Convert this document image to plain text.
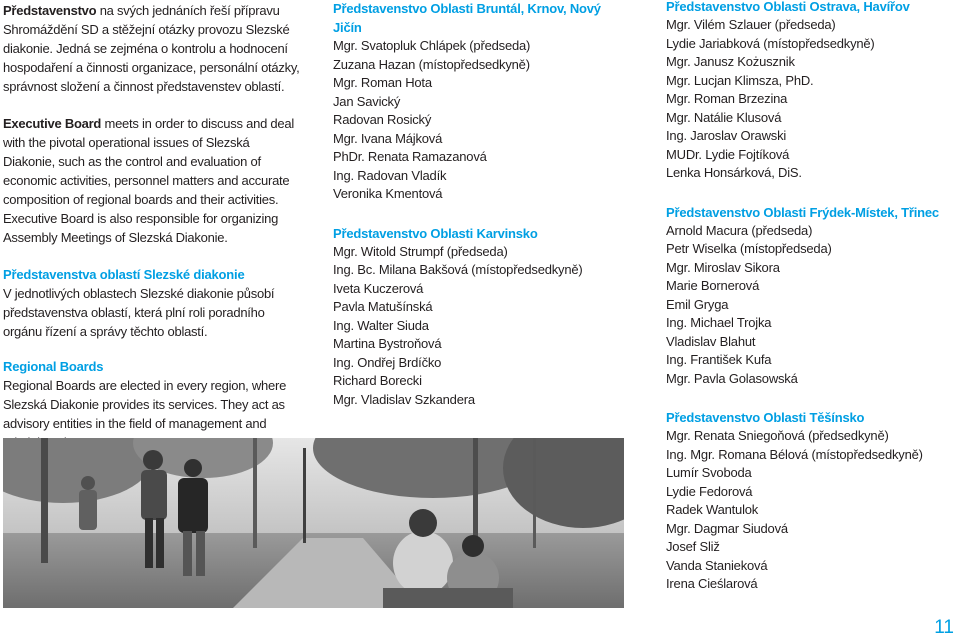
Představenstvo na svých jednáních řeší přípravu Shromáždění SD a stěžejní otázky provozu Slezské diakonie. Jedná se zejména o kontrolu a hodnocení hospodaření a činnosti organizace, personální otázky, správnost složení a činnost představenstev oblastí.

Executive Board meets in order to discuss and deal with the pivotal operational issues of Slezská Diakonie, such as the control and evaluation of economic activities, personnel matters and accurate composition of regional boards and their activities. Executive Board is also responsible for organizing Assembly Meetings of Slezská Diakonie.

Představenstva oblastí Slezské diakonie

V jednotlivých oblastech Slezské diakonie působí představenstva oblastí, která plní roli poradního orgánu řízení a správy těchto oblastí.

Regional Boards

Regional Boards are elected in every region, where Slezská Diakonie provides its services. They act as advisory entities in the field of management and

Představenstvo Oblasti Bruntál, Krnov, Nový Jičín

Mgr. Svatopluk Chlápek (předseda)
Zuzana Hazan (místopředsedkyně)
Mgr. Roman Hota
Jan Savický
Radovan Rosický
Mgr. Ivana Májková
PhDr. Renata Ramazanová
Ing. Radovan Vladík
Veronika Kmentová

Představenstvo Oblasti Karvinsko

Mgr. Witold Strumpf (předseda)
Ing. Bc. Milana Bakšová (místopředsedkyně)
Iveta Kuczerová
Pavla Matušínská
Ing. Walter Siuda
Martina Bystroňová
Ing. Ondřej Brdíčko
Richard Borecki
Mgr. Vladislav Szkandera

Představenstvo Oblasti Ostrava, Havířov

Mgr. Vilém Szlauer (předseda)
Lydie Jariabková (místopředsedkyně)
Mgr. Janusz Kożusznik
Mgr. Lucjan Klimsza, PhD.
Mgr. Roman Brzezina
Mgr. Natálie Klusová
Ing. Jaroslav Orawski
MUDr. Lydie Fojtíková
Lenka Honsárková, DiS.

Představenstvo Oblasti Frýdek-Místek, Třinec

Arnold Macura (předseda)
Petr Wiselka (místopředseda)
Mgr. Miroslav Sikora
Marie Bornerová
Emil Gryga
Ing. Michael Trojka
Vladislav Blahut
Ing. František Kufa
Mgr. Pavla Golasowská

Představenstvo Oblasti Těšínsko

Mgr. Renata Sniegoňová (předsedkyně)
Ing. Mgr. Romana Bélová (místopředsedkyně)
Lumír Svoboda
Lydie Fedorová
Radek Wantulok
Mgr. Dagmar Siudová
Josef Sliž
Vanda Stanieková
Irena Cieślarová
11
